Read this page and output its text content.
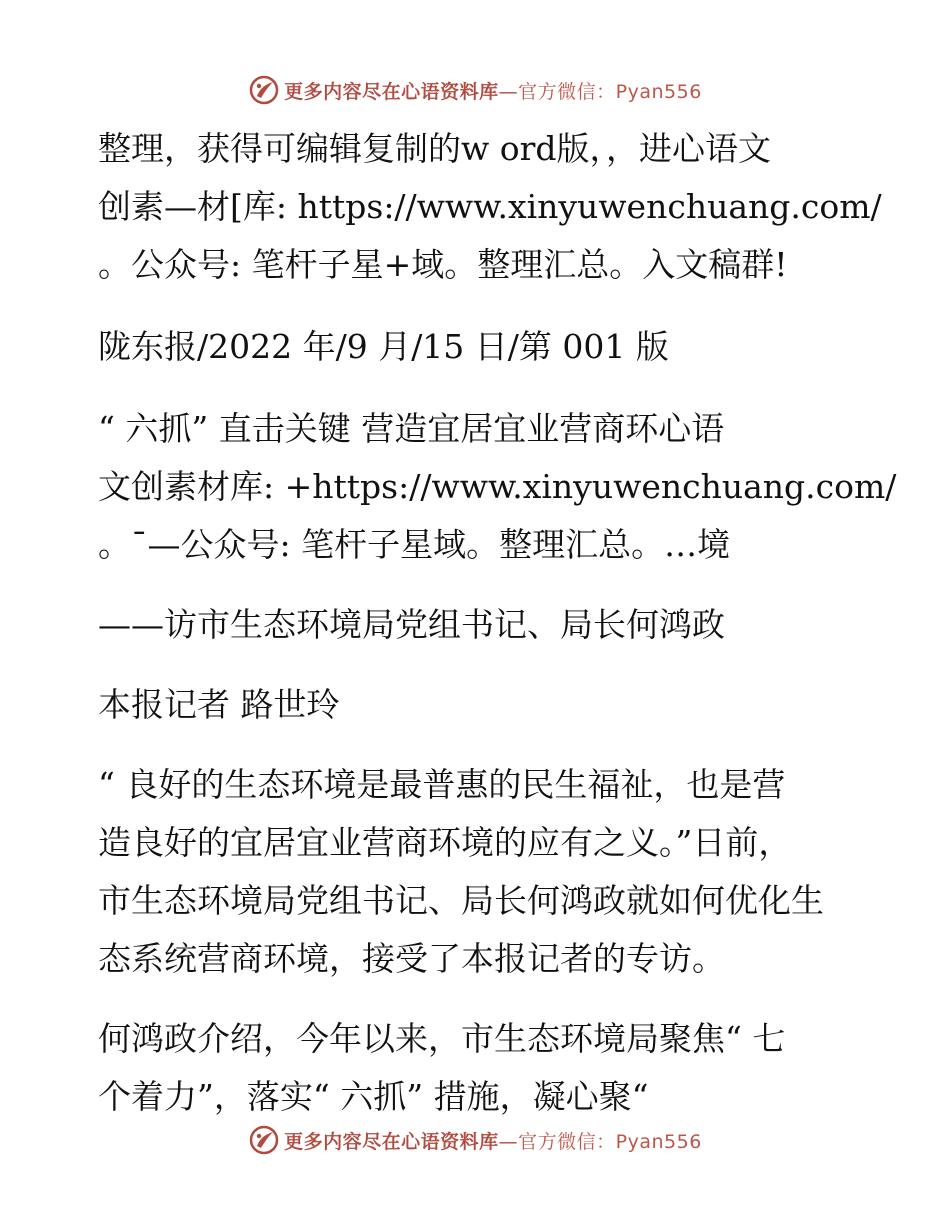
更多内容尽在心语资料库—官方微信：Pyan556
整理，获得可编辑复制的w ord版，，进心语文
创素—材[库: https://www.xinyuwenchuang.com/
。公众号: 笔杆子星+域。整理汇总。入文稿群!
陇东报/2022 年/9 月/15 日/第 001 版
“ 六抓” 直击关键 营造宜居宜业营商环心语
文创素材库: +https://www.xinyuwenchuang.com/
。¯—公众号: 笔杆子星域。整理汇总。…境
——访市生态环境局党组书记、局长何鸿政
本报记者 路世玲
“ 良好的生态环境是最普惠的民生福祉，也是营
造良好的宜居宜业营商环境的应有之义。”日前，
市生态环境局党组书记、局长何鸿政就如何优化生
态系统营商环境，接受了本报记者的专访。
何鸿政介绍，今年以来，市生态环境局聚焦“ 七
个着力”，落实“ 六抓” 措施，凝心聚“
更多内容尽在心语资料库—官方微信：Pyan556
